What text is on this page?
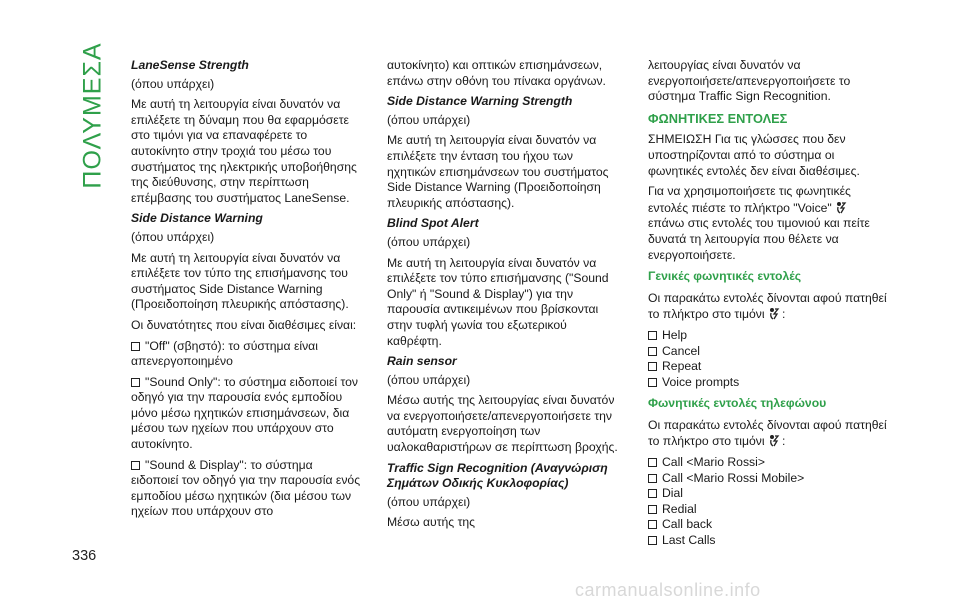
ΠΟΛΥΜΕΣΑ LaneSense Strength
(όπου υπάρχει)
Με αυτή τη λειτουργία είναι δυνατόν να επιλέξετε τη δύναμη που θα εφαρμόσετε στο τιμόνι για να επαναφέρετε το αυτοκίνητο στην τροχιά του μέσω του συστήματος της ηλεκτρικής υποβοήθησης της διεύθυνσης, στην περίπτωση επέμβασης του συστήματος LaneSense.
Side Distance Warning
(όπου υπάρχει)
Με αυτή τη λειτουργία είναι δυνατόν να επιλέξετε τον τύπο της επισήμανσης του συστήματος Side Distance Warning (Προειδοποίηση πλευρικής απόστασης).
Οι δυνατότητες που είναι διαθέσιμες είναι:
"Off" (σβηστό): το σύστημα είναι απενεργοποιημένο
"Sound Only": το σύστημα ειδοποιεί τον οδηγό για την παρουσία ενός εμποδίου μόνο μέσω ηχητικών επισημάνσεων, δια μέσου των ηχείων που υπάρχουν στο αυτοκίνητο.
"Sound & Display": το σύστημα ειδοποιεί τον οδηγό για την παρουσία ενός εμποδίου μέσω ηχητικών (δια μέσου των ηχείων που υπάρχουν στο
αυτοκίνητο) και οπτικών επισημάνσεων, επάνω στην οθόνη του πίνακα οργάνων.
Side Distance Warning Strength
(όπου υπάρχει)
Με αυτή τη λειτουργία είναι δυνατόν να επιλέξετε την ένταση του ήχου των ηχητικών επισημάνσεων του συστήματος Side Distance Warning (Προειδοποίηση πλευρικής απόστασης).
Blind Spot Alert
(όπου υπάρχει)
Με αυτή τη λειτουργία είναι δυνατόν να επιλέξετε τον τύπο επισήμανσης ("Sound Only" ή "Sound & Display") για την παρουσία αντικειμένων που βρίσκονται στην τυφλή γωνία του εξωτερικού καθρέφτη.
Rain sensor
(όπου υπάρχει)
Μέσω αυτής της λειτουργίας είναι δυνατόν να ενεργοποιήσετε/απενεργοποιήσετε την αυτόματη ενεργοποίηση των υαλοκαθαριστήρων σε περίπτωση βροχής.
Traffic Sign Recognition (Αναγνώριση Σημάτων Οδικής Κυκλοφορίας)
(όπου υπάρχει)
Μέσω αυτής της
λειτουργίας είναι δυνατόν να ενεργοποιήσετε/απενεργοποιήσετε το σύστημα Traffic Sign Recognition.
ΦΩΝΗΤΙΚΕΣ ΕΝΤΟΛΕΣ
ΣΗΜΕΙΩΣΗ Για τις γλώσσες που δεν υποστηρίζονται από το σύστημα οι φωνητικές εντολές δεν είναι διαθέσιμες.
Για να χρησιμοποιήσετε τις φωνητικές εντολές πιέστε το πλήκτρο "Voice"  επάνω στις εντολές του τιμονιού και πείτε δυνατά τη λειτουργία που θέλετε να ενεργοποιήσετε.
Γενικές φωνητικές εντολές
Οι παρακάτω εντολές δίνονται αφού πατηθεί το πλήκτρο στο τιμόνι :
Help
Cancel
Repeat
Voice prompts
Φωνητικές εντολές τηλεφώνου
Οι παρακάτω εντολές δίνονται αφού πατηθεί το πλήκτρο στο τιμόνι :
Call <Mario Rossi>
Call <Mario Rossi Mobile>
Dial
Redial
Call back
Last Calls
336
carmanualsonline.info
